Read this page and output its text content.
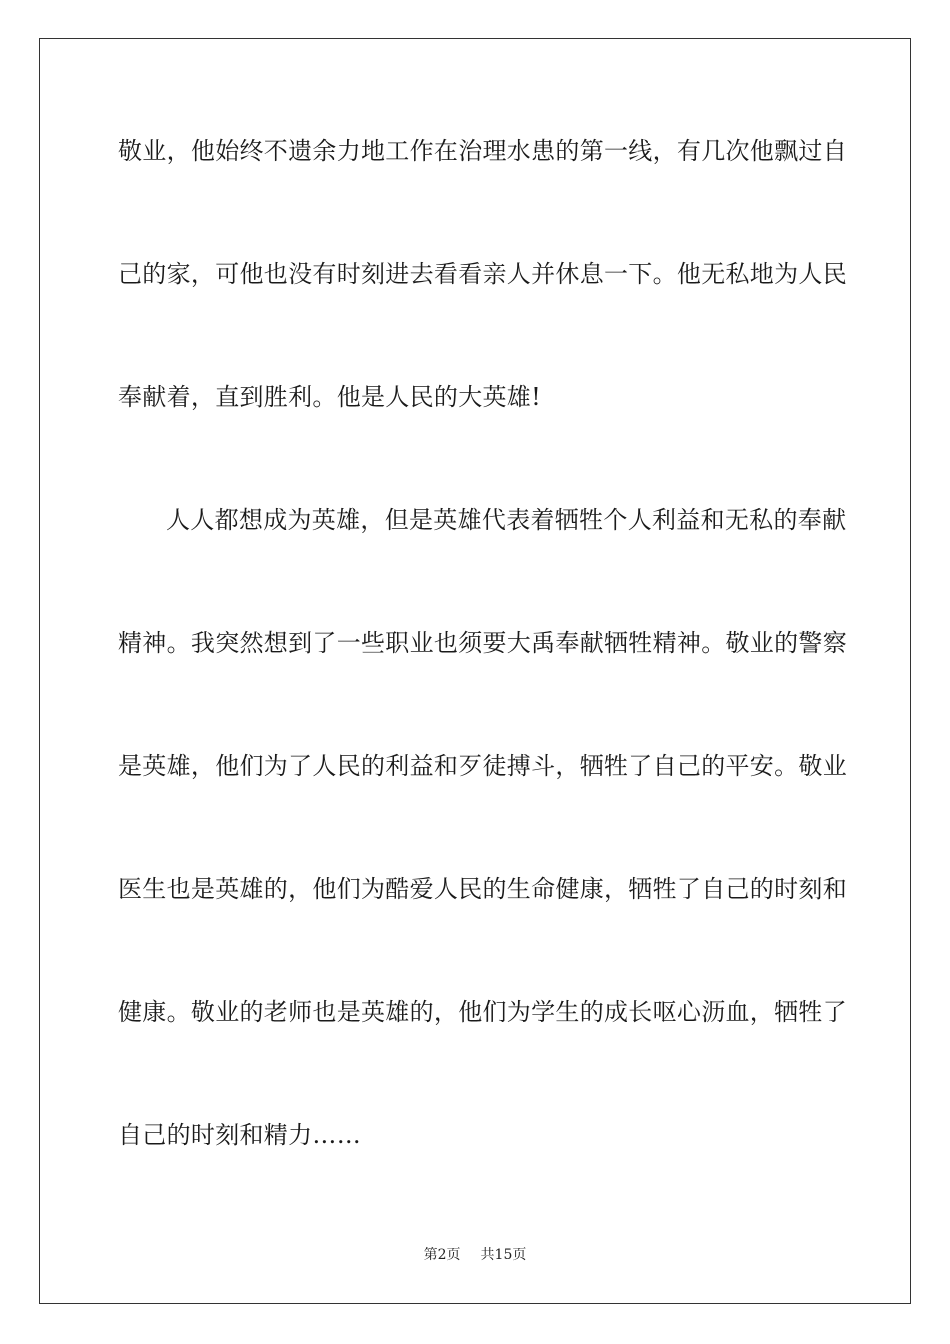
敬业，他始终不遗余力地工作在治理水患的第一线，有几次他飘过自
己的家，可他也没有时刻进去看看亲人并休息一下。他无私地为人民
奉献着，直到胜利。他是人民的大英雄!
人人都想成为英雄，但是英雄代表着牺牲个人利益和无私的奉献
精神。我突然想到了一些职业也须要大禹奉献牺牲精神。敬业的警察
是英雄，他们为了人民的利益和歹徒搏斗，牺牲了自己的平安。敬业
医生也是英雄的，他们为酷爱人民的生命健康，牺牲了自己的时刻和
健康。敬业的老师也是英雄的，他们为学生的成长呕心沥血，牺牲了
自己的时刻和精力……
第2页 共15页
